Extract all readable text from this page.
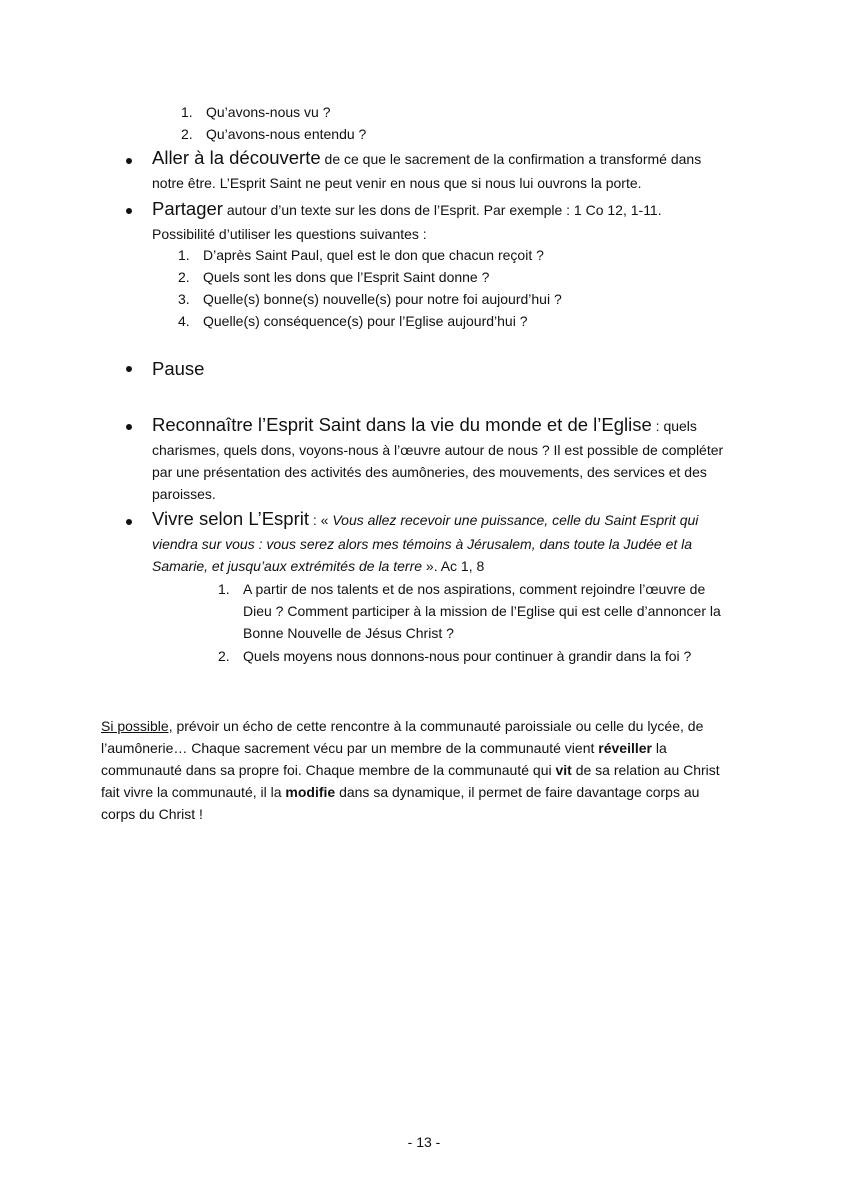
1. Qu’avons-nous vu ?
2. Qu’avons-nous entendu ?
Aller à la découverte de ce que le sacrement de la confirmation a transformé dans
notre être. L’Esprit Saint ne peut venir en nous que si nous lui ouvrons la porte.
Partager autour d’un texte sur les dons de l’Esprit. Par exemple : 1 Co 12, 1-11.
Possibilité d’utiliser les questions suivantes :
1. D’après Saint Paul, quel est le don que chacun reçoit ?
2. Quels sont les dons que l’Esprit Saint donne ?
3. Quelle(s) bonne(s) nouvelle(s) pour notre foi aujourd’hui ?
4. Quelle(s) conséquence(s) pour l’Eglise aujourd’hui ?
Pause
Reconnaître l’Esprit Saint dans la vie du monde et de l’Eglise : quels
charismes, quels dons, voyons-nous à l’œuvre autour de nous ? Il est possible de compléter
par une présentation des activités des aumôneries, des mouvements, des services et des
paroisses.
Vivre selon L’Esprit : « Vous allez recevoir une puissance, celle du Saint Esprit qui
viendra sur vous : vous serez alors mes témoins à Jérusalem, dans toute la Judée et la
Samarie, et jusqu’aux extrémités de la terre ». Ac 1, 8
1. A partir de nos talents et de nos aspirations, comment rejoindre l’œuvre de
Dieu ? Comment participer à la mission de l’Eglise qui est celle d’annoncer la
Bonne Nouvelle de Jésus Christ ?
2. Quels moyens nous donnons-nous pour continuer à grandir dans la foi ?
Si possible, prévoir un écho de cette rencontre à la communauté paroissiale ou celle du lycée, de
l’aumônerie… Chaque sacrement vécu par un membre de la communauté vient réveiller la
communauté dans sa propre foi. Chaque membre de la communauté qui vit de sa relation au Christ
fait vivre la communauté, il la modifie dans sa dynamique, il permet de faire davantage corps au
corps du Christ !
- 13 -
